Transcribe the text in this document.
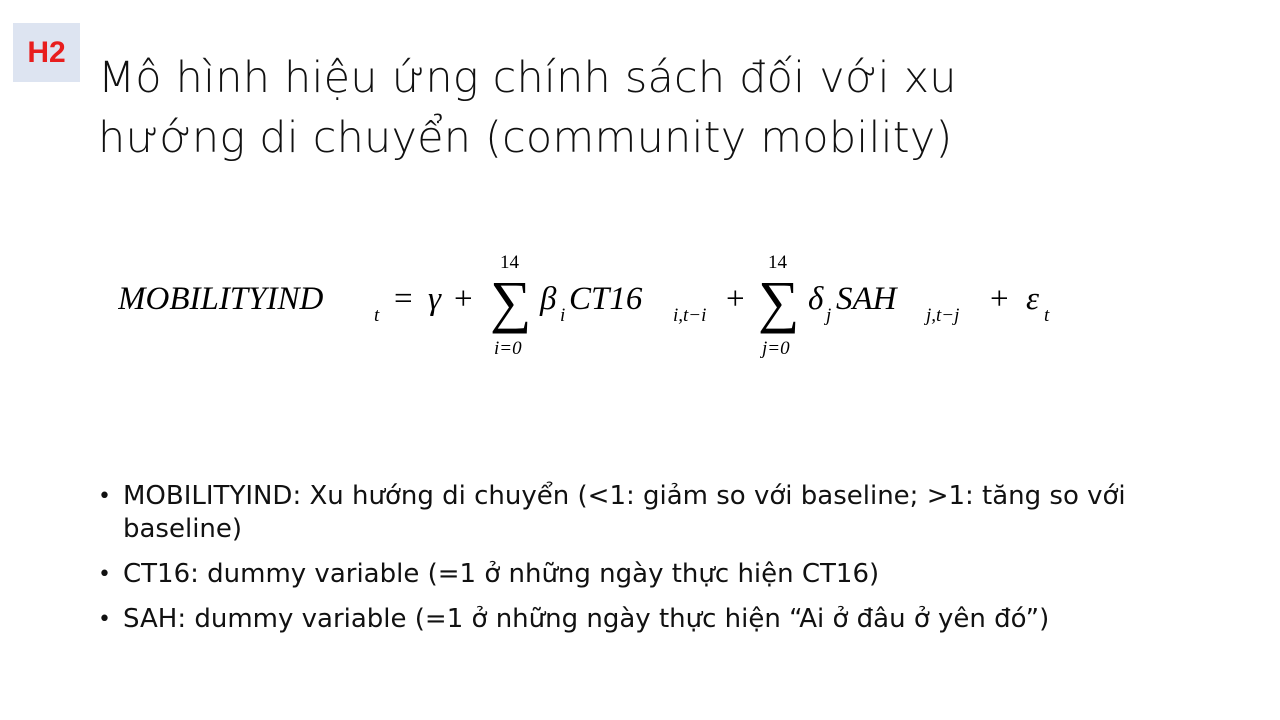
H2
Mô hình hiệu ứng chính sách đối với xu
hướng di chuyển (community mobility)
MOBILITYIND	t = γ +
14
∑
i=0
β i CT16 i,t−i +
14
∑
j=0
δ j SAH j,t−j + ε t
• MOBILITYIND: Xu hướng di chuyển (<1: giảm so với baseline; >1: tăng so với baseline)
• CT16: dummy variable (=1 ở những ngày thực hiện CT16)
• SAH: dummy variable (=1 ở những ngày thực hiện “Ai ở đâu ở yên đó”)
